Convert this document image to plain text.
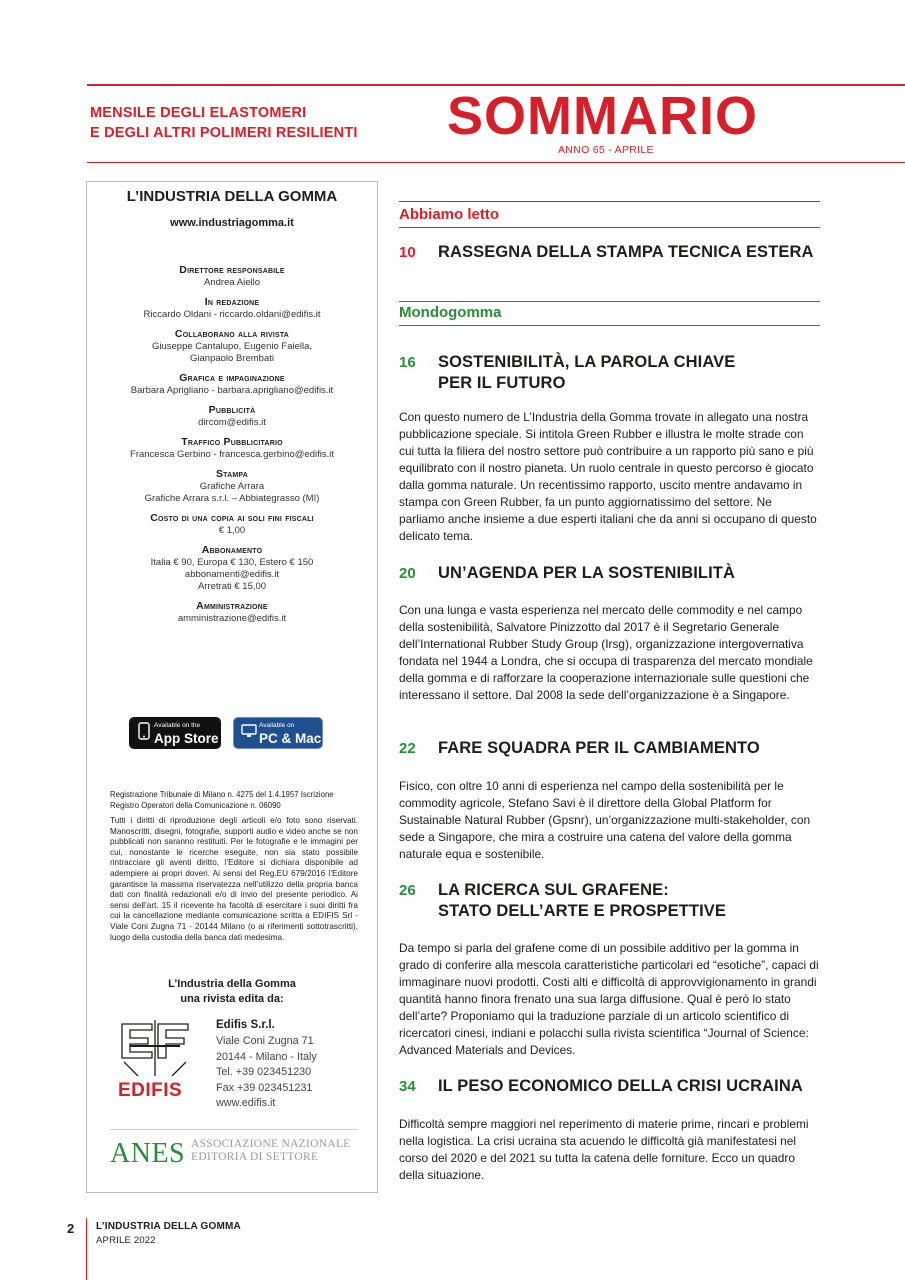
MENSILE DEGLI ELASTOMERI
E DEGLI ALTRI POLIMERI RESILIENTI SOMMARIO
ANNO 65 - APRILE
L’INDUSTRIA DELLA GOMMA
www.industriagomma.it
Direttore responsabile
Andrea Aiello
In redazione
Riccardo Oldani - riccardo.oldani@edifis.it
Collaborano alla rivista
Giuseppe Cantalupo, Eugenio Faiella,
Gianpaolo Brembati
Grafica e impaginazione
Barbara Aprigliano - barbara.aprigliano@edifis.it
Pubblicità
dircom@edifis.it
Traffico Pubblicitario
Francesca Gerbino - francesca.gerbino@edifis.it
Stampa
Grafiche Arrara
Grafiche Arrara s.r.l. – Abbiategrasso (MI)
Costo di una copia ai soli fini fiscali
€ 1,00
Abbonamento
Italia € 90, Europa € 130, Estero € 150
abbonamenti@edifis.it
Arretrati € 15,00
Amministrazione
amministrazione@edifis.it
Available on the
App Store
Available on
PC & Mac
Registrazione Tribunale di Milano n. 4275 del 1.4.1957 Iscrizione Registro Operatori della Comunicazione n. 06090
Tutti i diritti di riproduzione degli articoli e/o foto sono riservati. Manoscritti, disegni, fotografie, supporti audio e video anche se non pubblicati non saranno restituiti. Per le fotografie e le immagini per cui, nonostante le ricerche eseguite, non sia stato possibile rintracciare gli aventi diritto, l’Editore si dichiara disponibile ad adempiere ai propri doveri. Ai sensi del Reg.EU 679/2016 l’Editore garantisce la massima riservatezza nell’utilizzo della propria banca dati con finalità redazionali e/o di invio del presente periodico. Ai sensi dell’art. 15 il ricevente ha facoltà di esercitare i suoi diritti fra cui la cancellazione mediante comunicazione scritta a EDIFIS Srl - Viale Coni Zugna 71 - 20144 Milano (o ai riferimenti sottotrascritti), luogo della custodia della banca dati medesima.
L’Industria della Gomma
una rivista edita da:
EDIFIS
Edifis S.r.l.
Viale Coni Zugna 71
20144 - Milano - Italy
Tel. +39 023451230
Fax +39 023451231
www.edifis.it
ANES ASSOCIAZIONE NAZIONALE
EDITORIA DI SETTORE
Abbiamo letto
10 RASSEGNA DELLA STAMPA TECNICA ESTERA
Mondogomma
16 SOSTENIBILITÀ, LA PAROLA CHIAVE
PER IL FUTURO
Con questo numero de L’Industria della Gomma trovate in allegato una nostra pubblicazione speciale. Si intitola Green Rubber e illustra le molte strade con cui tutta la filiera del nostro settore può contribuire a un rapporto più sano e più equilibrato con il nostro pianeta. Un ruolo centrale in questo percorso è giocato dalla gomma naturale. Un recentissimo rapporto, uscito mentre andavamo in stampa con Green Rubber, fa un punto aggiornatissimo del settore. Ne parliamo anche insieme a due esperti italiani che da anni si occupano di questo delicato tema.
20 UN’AGENDA PER LA SOSTENIBILITÀ
Con una lunga e vasta esperienza nel mercato delle commodity e nel campo della sostenibilità, Salvatore Pinizzotto dal 2017 è il Segretario Generale dell’International Rubber Study Group (Irsg), organizzazione intergovernativa fondata nel 1944 a Londra, che si occupa di trasparenza del mercato mondiale della gomma e di rafforzare la cooperazione internazionale sulle questioni che interessano il settore. Dal 2008 la sede dell’organizzazione è a Singapore.
22 FARE SQUADRA PER IL CAMBIAMENTO
Fisico, con oltre 10 anni di esperienza nel campo della sostenibilità per le commodity agricole, Stefano Savi è il direttore della Global Platform for Sustainable Natural Rubber (Gpsnr), un’organizzazione multi-stakeholder, con sede a Singapore, che mira a costruire una catena del valore della gomma naturale equa e sostenibile.
26 LA RICERCA SUL GRAFENE:
STATO DELL’ARTE E PROSPETTIVE
Da tempo si parla del grafene come di un possibile additivo per la gomma in grado di conferire alla mescola caratteristiche particolari ed “esotiche”, capaci di immaginare nuovi prodotti. Costi alti e difficoltà di approvvigionamento in grandi quantità hanno finora frenato una sua larga diffusione. Qual è però lo stato dell’arte? Proponiamo qui la traduzione parziale di un articolo scientifico di ricercatori cinesi, indiani e polacchi sulla rivista scientifica “Journal of Science: Advanced Materials and Devices.
34 IL PESO ECONOMICO DELLA CRISI UCRAINA
Difficoltà sempre maggiori nel reperimento di materie prime, rincari e problemi nella logistica. La crisi ucraina sta acuendo le difficoltà già manifestatesi nel corso del 2020 e del 2021 su tutta la catena delle forniture. Ecco un quadro della situazione.
2 L’INDUSTRIA DELLA GOMMA
APRILE 2022
